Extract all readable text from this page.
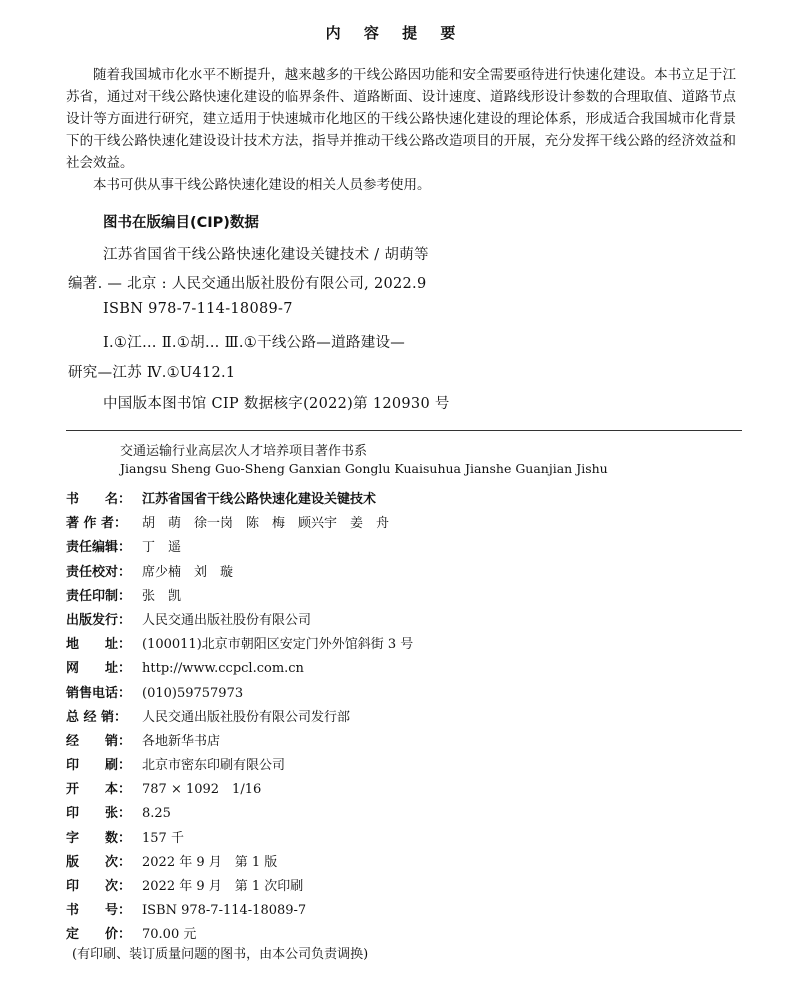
内 容 提 要

随着我国城市化水平不断提升，越来越多的干线公路因功能和安全需要亟待进行快速化建设。本书立足于江苏省，通过对干线公路快速化建设的临界条件、道路断面、设计速度、道路线形设计参数的合理取值、道路节点设计等方面进行研究，建立适用于快速城市化地区的干线公路快速化建设的理论体系，形成适合我国城市化背景下的干线公路快速化建设设计技术方法，指导并推动干线公路改造项目的开展，充分发挥干线公路的经济效益和社会效益。

本书可供从事干线公路快速化建设的相关人员参考使用。

图书在版编目(CIP)数据
江苏省国省干线公路快速化建设关键技术 / 胡萌等
编著. — 北京 : 人民交通出版社股份有限公司, 2022.9
ISBN 978-7-114-18089-7
Ⅰ.①江… Ⅱ.①胡… Ⅲ.①干线公路—道路建设—
研究—江苏 Ⅳ.①U412.1
中国版本图书馆 CIP 数据核字(2022)第 120930 号
交通运输行业高层次人才培养项目著作书系
Jiangsu Sheng Guo-Sheng Ganxian Gonglu Kuaisuhua Jianshe Guanjian Jishu
书　　名： 江苏省国省干线公路快速化建设关键技术
著 作 者： 胡　萌　徐一岗　陈　梅　顾兴宇　姜　舟
责任编辑： 丁　遥
责任校对： 席少楠　刘　璇
责任印制： 张　凯
出版发行： 人民交通出版社股份有限公司
地　　址： (100011)北京市朝阳区安定门外外馆斜街 3 号
网　　址： http://www.ccpcl.com.cn
销售电话： (010)59757973
总 经 销： 人民交通出版社股份有限公司发行部
经　　销： 各地新华书店
印　　刷： 北京市密东印刷有限公司
开　　本： 787 × 1092　1/16
印　　张： 8.25
字　　数： 157 千
版　　次： 2022 年 9 月　第 1 版
印　　次： 2022 年 9 月　第 1 次印刷
书　　号： ISBN 978-7-114-18089-7
定　　价： 70.00 元
(有印刷、装订质量问题的图书，由本公司负责调换)
